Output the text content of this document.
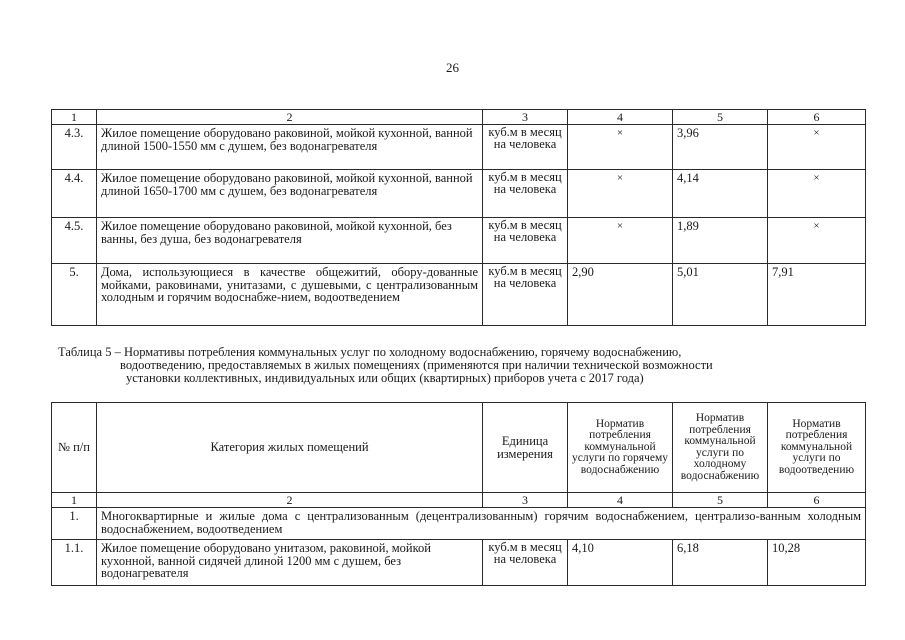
26
1	2	3	4	5	6
4.3.	Жилое помещение оборудовано раковиной, мойкой кухонной, ванной длиной 1500-1550 мм с душем, без водонагревателя	куб.м в месяц на человека	×	3,96	×
4.4.	Жилое помещение оборудовано раковиной, мойкой кухонной, ванной длиной 1650-1700 мм с душем, без водонагревателя	куб.м в месяц на человека	×	4,14	×
4.5.	Жилое помещение оборудовано раковиной, мойкой кухонной, без ванны, без душа, без водонагревателя	куб.м в месяц на человека	×	1,89	×
5.	Дома, использующиеся в качестве общежитий, обору-дованные мойками, раковинами, унитазами, с душевыми, с централизованным холодным и горячим водоснабже-нием, водоотведением	куб.м в месяц на человека	2,90	5,01	7,91
Таблица 5 – Нормативы потребления коммунальных услуг по холодному водоснабжению, горячему водоснабжению,
водоотведению, предоставляемых в жилых помещениях (применяются при наличии технической возможности
установки коллективных, индивидуальных или общих (квартирных) приборов учета с 2017 года)
№ п/п	Категория жилых помещений	Единица измерения	Норматив потребления коммунальной услуги по горячему водоснабжению	Норматив потребления коммунальной услуги по холодному водоснабжению	Норматив потребления коммунальной услуги по водоотведению
1	2	3	4	5	6
1.	Многоквартирные и жилые дома с централизованным (децентрализованным) горячим водоснабжением, централизо-ванным холодным водоснабжением, водоотведением				
1.1.	Жилое помещение оборудовано унитазом, раковиной, мойкой кухонной, ванной сидячей длиной 1200 мм с душем, без водонагревателя	куб.м в месяц на человека	4,10	6,18	10,28
